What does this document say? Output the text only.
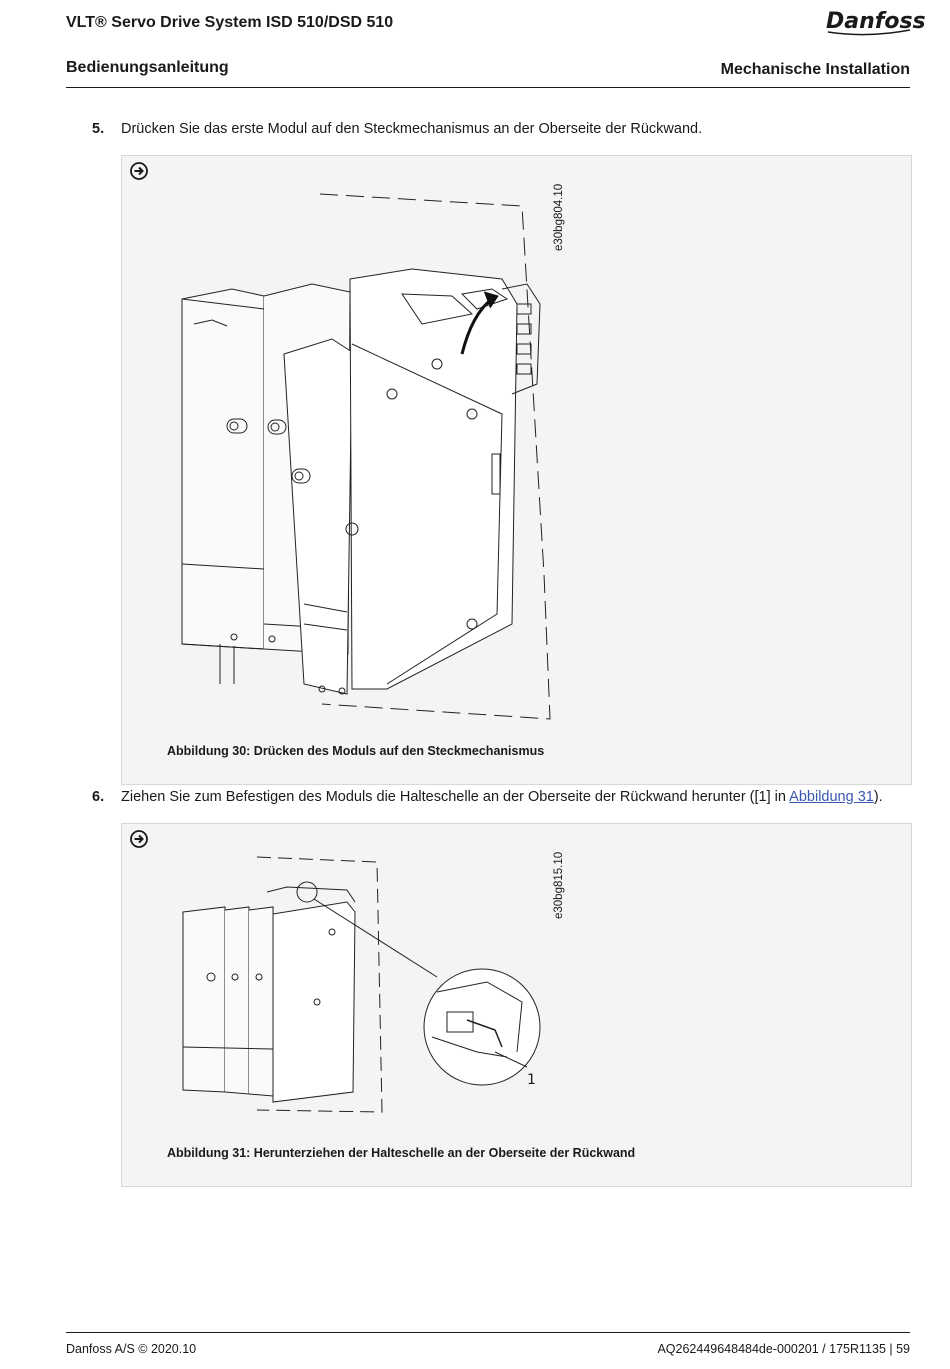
VLT® Servo Drive System ISD 510/DSD 510
Bedienungsanleitung	Mechanische Installation
Danfoss
5. Drücken Sie das erste Modul auf den Steckmechanismus an der Oberseite der Rückwand.
e30bg804.10
Abbildung 30: Drücken des Moduls auf den Steckmechanismus
6. Ziehen Sie zum Befestigen des Moduls die Halteschelle an der Oberseite der Rückwand herunter ([1] in Abbildung 31).
1
e30bg815.10
Abbildung 31: Herunterziehen der Halteschelle an der Oberseite der Rückwand
Danfoss A/S © 2020.10	AQ262449648484de-000201 / 175R1135 | 59
